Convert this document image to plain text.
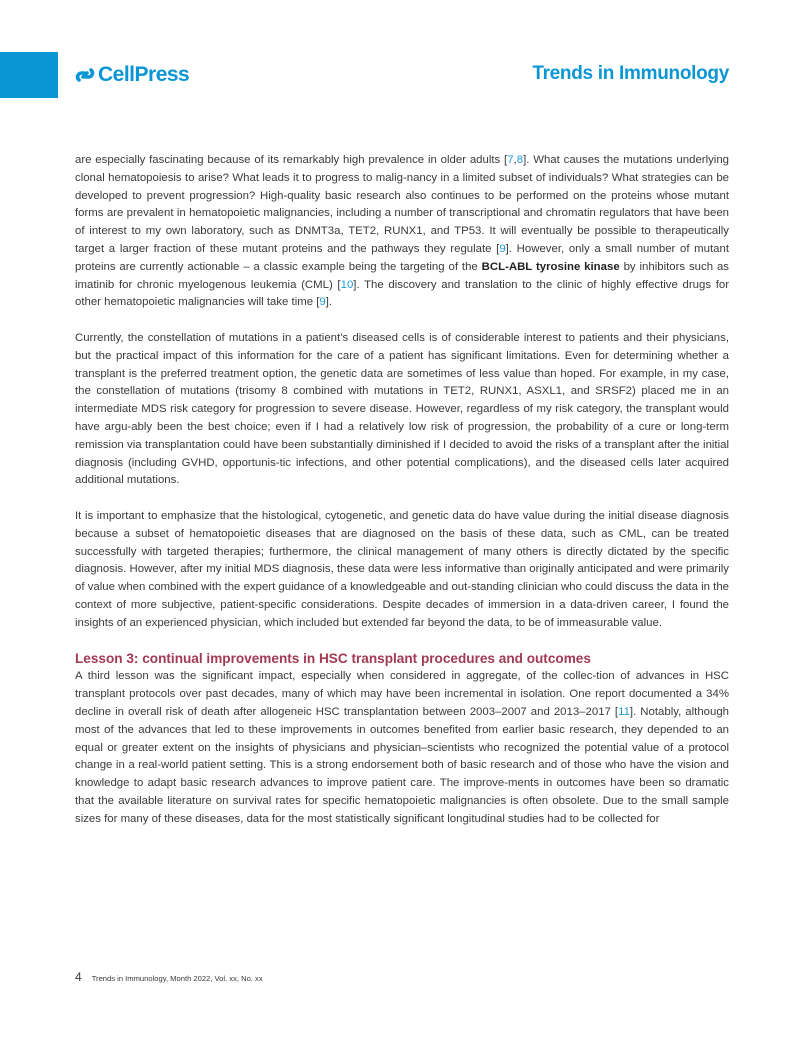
CellPress	Trends in Immunology

are especially fascinating because of its remarkably high prevalence in older adults [7,8]. What causes the mutations underlying clonal hematopoiesis to arise? What leads it to progress to malig-nancy in a limited subset of individuals? What strategies can be developed to prevent progression? High-quality basic research also continues to be performed on the proteins whose mutant forms are prevalent in hematopoietic malignancies, including a number of transcriptional and chromatin regulators that have been of interest to my own laboratory, such as DNMT3a, TET2, RUNX1, and TP53. It will eventually be possible to therapeutically target a larger fraction of these mutant proteins and the pathways they regulate [9]. However, only a small number of mutant proteins are currently actionable – a classic example being the targeting of the BCL-ABL tyrosine kinase by inhibitors such as imatinib for chronic myelogenous leukemia (CML) [10]. The discovery and translation to the clinic of highly effective drugs for other hematopoietic malignancies will take time [9].

Currently, the constellation of mutations in a patient’s diseased cells is of considerable interest to patients and their physicians, but the practical impact of this information for the care of a patient has significant limitations. Even for determining whether a transplant is the preferred treatment option, the genetic data are sometimes of less value than hoped. For example, in my case, the constellation of mutations (trisomy 8 combined with mutations in TET2, RUNX1, ASXL1, and SRSF2) placed me in an intermediate MDS risk category for progression to severe disease. However, regardless of my risk category, the transplant would have argu-ably been the best choice; even if I had a relatively low risk of progression, the probability of a cure or long-term remission via transplantation could have been substantially diminished if I decided to avoid the risks of a transplant after the initial diagnosis (including GVHD, opportunis-tic infections, and other potential complications), and the diseased cells later acquired additional mutations.

It is important to emphasize that the histological, cytogenetic, and genetic data do have value during the initial disease diagnosis because a subset of hematopoietic diseases that are diagnosed on the basis of these data, such as CML, can be treated successfully with targeted therapies; furthermore, the clinical management of many others is directly dictated by the specific diagnosis. However, after my initial MDS diagnosis, these data were less informative than originally anticipated and were primarily of value when combined with the expert guidance of a knowledgeable and out-standing clinician who could discuss the data in the context of more subjective, patient-specific considerations. Despite decades of immersion in a data-driven career, I found the insights of an experienced physician, which included but extended far beyond the data, to be of immeasurable value.

Lesson 3: continual improvements in HSC transplant procedures and outcomes

A third lesson was the significant impact, especially when considered in aggregate, of the collec-tion of advances in HSC transplant protocols over past decades, many of which may have been incremental in isolation. One report documented a 34% decline in overall risk of death after allogeneic HSC transplantation between 2003–2007 and 2013–2017 [11]. Notably, although most of the advances that led to these improvements in outcomes benefited from earlier basic research, they depended to an equal or greater extent on the insights of physicians and physician–scientists who recognized the potential value of a protocol change in a real-world patient setting. This is a strong endorsement both of basic research and of those who have the vision and knowledge to adapt basic research advances to improve patient care. The improve-ments in outcomes have been so dramatic that the available literature on survival rates for specific hematopoietic malignancies is often obsolete. Due to the small sample sizes for many of these diseases, data for the most statistically significant longitudinal studies had to be collected for

4 Trends in Immunology, Month 2022, Vol. xx, No. xx
